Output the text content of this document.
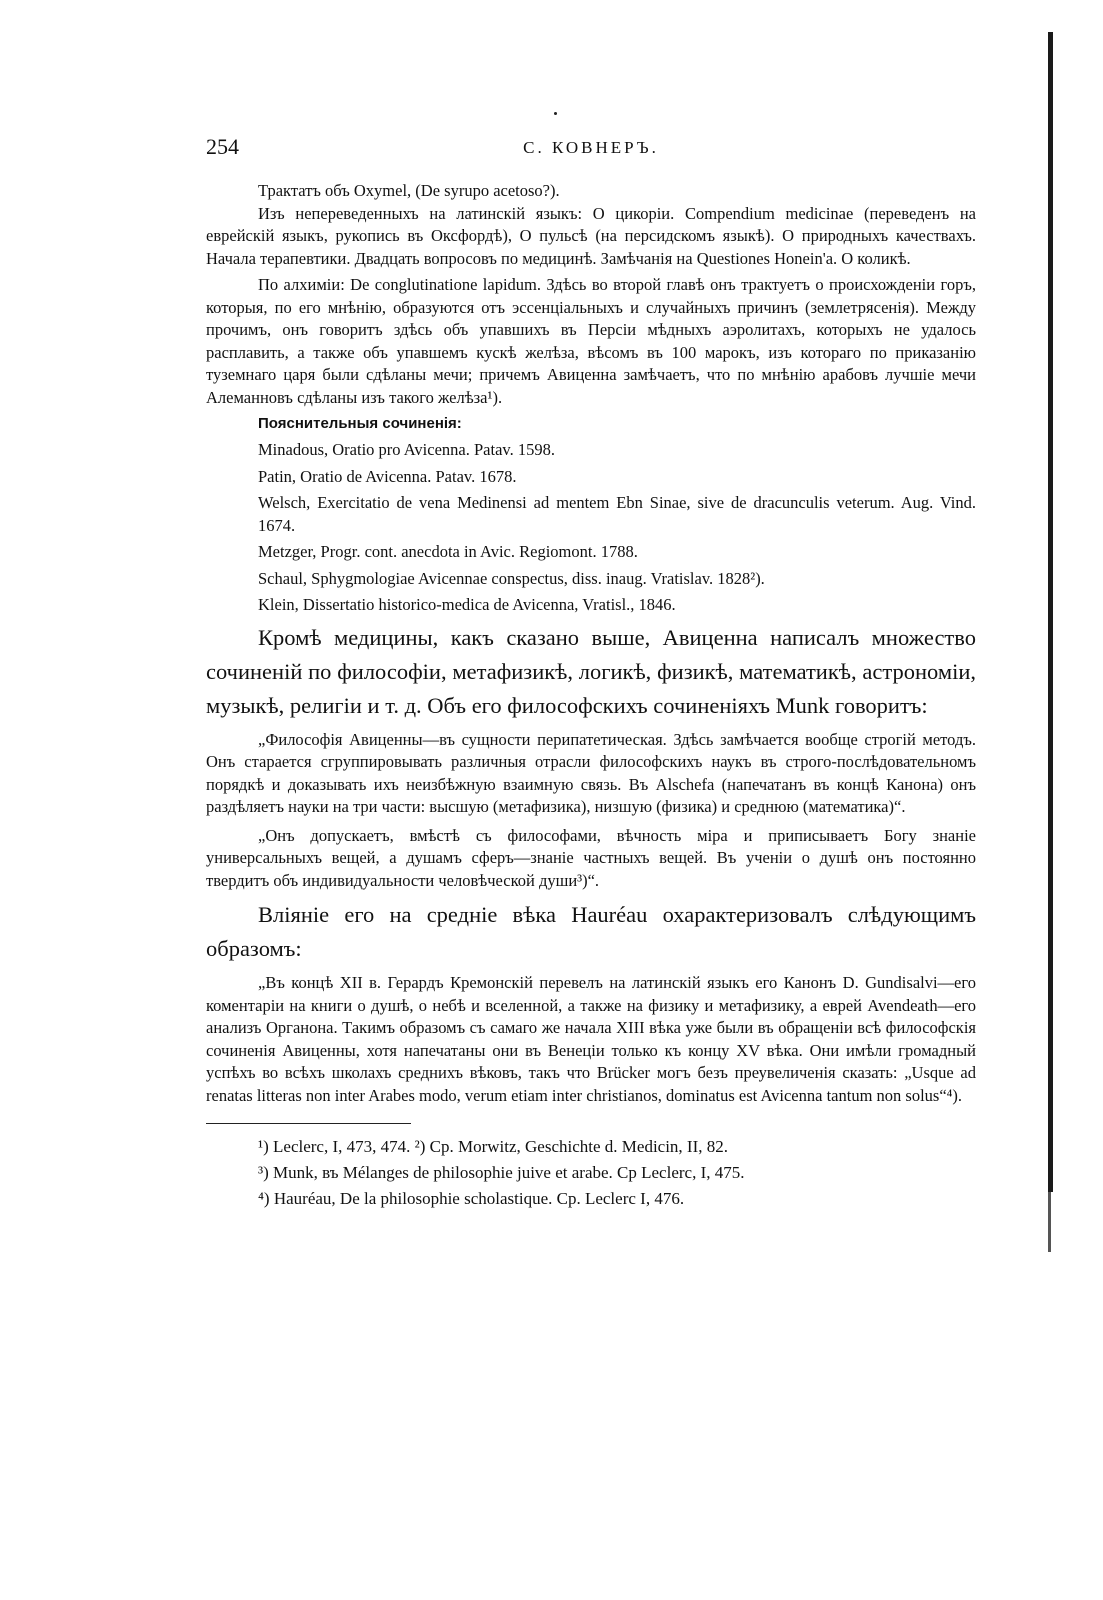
254	С. КОВНЕРЪ.

Трактатъ объ Oxymel, (De syrupo acetoso?).

Изъ непереведенныхъ на латинскій языкъ: О цикоріи. Compendium medicinae (переведенъ на еврейскій языкъ, рукопись въ Оксфордѣ), О пульсѣ (на персидскомъ языкѣ). О природныхъ качествахъ. Начала терапевтики. Двадцать вопросовъ по медицинѣ. Замѣчанія на Questiones Honein'а. О коликѣ.

По алхиміи: De conglutinatione lapidum. Здѣсь во второй главѣ онъ трактуетъ о происхожденіи горъ, которыя, по его мнѣнію, образуются отъ эссенціальныхъ и случайныхъ причинъ (землетрясенія). Между прочимъ, онъ говоритъ здѣсь объ упавшихъ въ Персіи мѣдныхъ аэролитахъ, которыхъ не удалось расплавить, а также объ упавшемъ кускѣ желѣза, вѣсомъ въ 100 марокъ, изъ котораго по приказанію туземнаго царя были сдѣланы мечи; причемъ Авиценна замѣчаетъ, что по мнѣнію арабовъ лучшіе мечи Алеманновъ сдѣланы изъ такого желѣза¹).

Пояснительныя сочиненія:

Minadous, Oratio pro Avicenna. Patav. 1598.

Patin, Oratio de Avicenna. Patav. 1678.

Welsch, Exercitatio de vena Medinensi ad mentem Ebn Sinae, sive de dracunculis veterum. Aug. Vind. 1674.

Metzger, Progr. cont. anecdota in Avic. Regiomont. 1788.

Schaul, Sphygmologiae Avicennae conspectus, diss. inaug. Vratislav. 1828²).

Klein, Dissertatio historico-medica de Avicenna, Vratisl., 1846.

Кромѣ медицины, какъ сказано выше, Авиценна написалъ множество сочиненій по философіи, метафизикѣ, логикѣ, физикѣ, математикѣ, астрономіи, музыкѣ, религіи и т. д. Объ его философскихъ сочиненіяхъ Munk говоритъ:

„Философія Авиценны—въ сущности перипатетическая. Здѣсь замѣчается вообще строгій методъ. Онъ старается сгруппировывать различныя отрасли философскихъ наукъ въ строго-послѣдовательномъ порядкѣ и доказывать ихъ неизбѣжную взаимную связь. Въ Alschefa (напечатанъ въ концѣ Канона) онъ раздѣляетъ науки на три части: высшую (метафизика), низшую (физика) и среднюю (математика)“.

„Онъ допускаетъ, вмѣстѣ съ философами, вѣчность міра и приписываетъ Богу знаніе универсальныхъ вещей, а душамъ сферъ—знаніе частныхъ вещей. Въ ученіи о душѣ онъ постоянно твердитъ объ индивидуальности человѣческой души³)“.

Вліяніе его на средніе вѣка Hauréau охарактеризовалъ слѣдующимъ образомъ:

„Въ концѣ XII в. Герардъ Кремонскій перевелъ на латинскій языкъ его Канонъ D. Gundisalvi—его коментаріи на книги о душѣ, о небѣ и вселенной, а также на физику и метафизику, а еврей Avendeath—его анализъ Органона. Такимъ образомъ съ самаго же начала XIII вѣка уже были въ обращеніи всѣ философскія сочиненія Авиценны, хотя напечатаны они въ Венеціи только къ концу XV вѣка. Они имѣли громадный успѣхъ во всѣхъ школахъ среднихъ вѣковъ, такъ что Brücker могъ безъ преувеличенія сказать: „Usque ad renatas litteras non inter Arabes modo, verum etiam inter christianos, dominatus est Avicenna tantum non solus“⁴).

¹) Leclerc, I, 473, 474. ²) Cp. Morwitz, Geschichte d. Medicin, II, 82.

³) Munk, въ Mélanges de philosophie juive et arabe. Cp Leclerc, I, 475.

⁴) Hauréau, De la philosophie scholastique. Cp. Leclerc I, 476.
